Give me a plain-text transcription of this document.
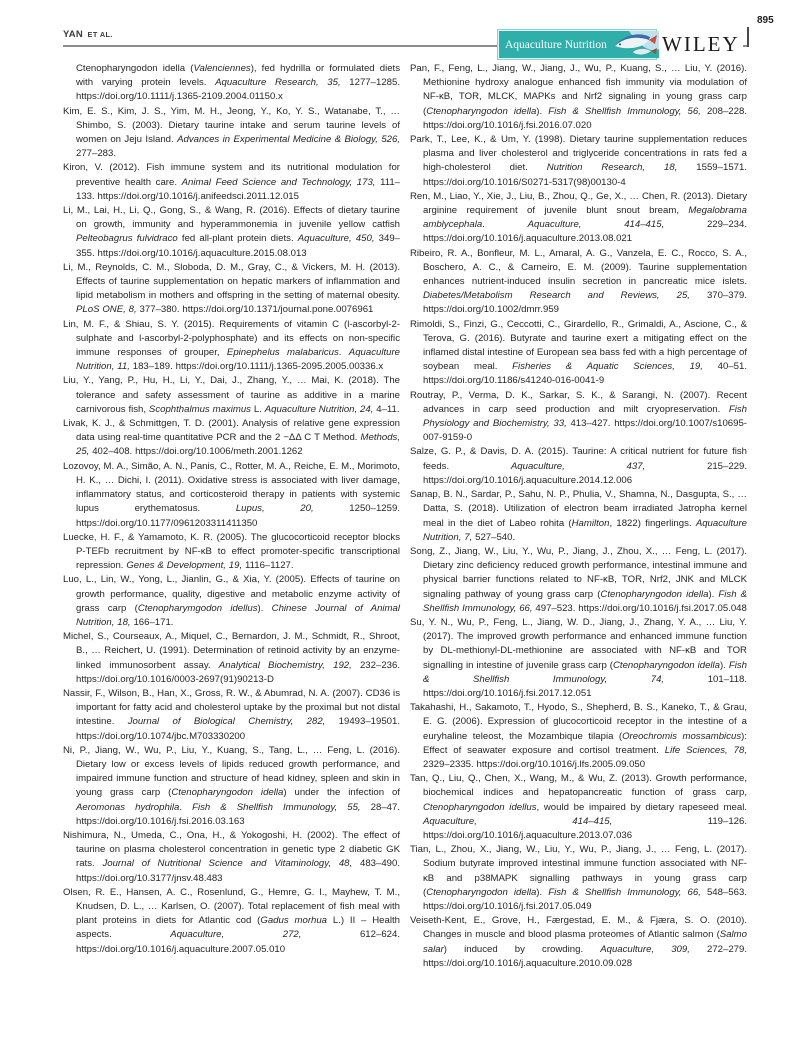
YAN ET AL.
Aquaculture Nutrition	WILEY
895

Ctenopharyngodon idella (Valenciennes), fed hydrilla or formulated diets with varying protein levels. Aquaculture Research, 35, 1277–1285. https://doi.org/10.1111/j.1365-2109.2004.01150.x

Kim, E. S., Kim, J. S., Yim, M. H., Jeong, Y., Ko, Y. S., Watanabe, T., … Shimbo, S. (2003). Dietary taurine intake and serum taurine levels of women on Jeju Island. Advances in Experimental Medicine & Biology, 526, 277–283.

Kiron, V. (2012). Fish immune system and its nutritional modulation for preventive health care. Animal Feed Science and Technology, 173, 111–133. https://doi.org/10.1016/j.anifeedsci.2011.12.015

Li, M., Lai, H., Li, Q., Gong, S., & Wang, R. (2016). Effects of dietary taurine on growth, immunity and hyperammonemia in juvenile yellow catfish Pelteobagrus fulvidraco fed all-plant protein diets. Aquaculture, 450, 349–355. https://doi.org/10.1016/j.aquaculture.2015.08.013

Li, M., Reynolds, C. M., Sloboda, D. M., Gray, C., & Vickers, M. H. (2013). Effects of taurine supplementation on hepatic markers of inflammation and lipid metabolism in mothers and offspring in the setting of maternal obesity. PLoS ONE, 8, 377–380. https://doi.org/10.1371/journal.pone.0076961

Lin, M. F., & Shiau, S. Y. (2015). Requirements of vitamin C (l-ascorbyl-2-sulphate and l-ascorbyl-2-polyphosphate) and its effects on non-specific immune responses of grouper, Epinephelus malabaricus. Aquaculture Nutrition, 11, 183–189. https://doi.org/10.1111/j.1365-2095.2005.00336.x

Liu, Y., Yang, P., Hu, H., Li, Y., Dai, J., Zhang, Y., … Mai, K. (2018). The tolerance and safety assessment of taurine as additive in a marine carnivorous fish, Scophthalmus maximus L. Aquaculture Nutrition, 24, 4–11.

Livak, K. J., & Schmittgen, T. D. (2001). Analysis of relative gene expression data using real-time quantitative PCR and the 2 −ΔΔ C T Method. Methods, 25, 402–408. https://doi.org/10.1006/meth.2001.1262

Lozovoy, M. A., Simão, A. N., Panis, C., Rotter, M. A., Reiche, E. M., Morimoto, H. K., … Dichi, I. (2011). Oxidative stress is associated with liver damage, inflammatory status, and corticosteroid therapy in patients with systemic lupus erythematosus. Lupus, 20, 1250–1259. https://doi.org/10.1177/0961203311411350

Luecke, H. F., & Yamamoto, K. R. (2005). The glucocorticoid receptor blocks P-TEFb recruitment by NF-κB to effect promoter-specific transcriptional repression. Genes & Development, 19, 1116–1127.

Luo, L., Lin, W., Yong, L., Jianlin, G., & Xia, Y. (2005). Effects of taurine on growth performance, quality, digestive and metabolic enzyme activity of grass carp (Ctenopharymgodon idellus). Chinese Journal of Animal Nutrition, 18, 166–171.

Michel, S., Courseaux, A., Miquel, C., Bernardon, J. M., Schmidt, R., Shroot, B., … Reichert, U. (1991). Determination of retinoid activity by an enzyme-linked immunosorbent assay. Analytical Biochemistry, 192, 232–236. https://doi.org/10.1016/0003-2697(91)90213-D

Nassir, F., Wilson, B., Han, X., Gross, R. W., & Abumrad, N. A. (2007). CD36 is important for fatty acid and cholesterol uptake by the proximal but not distal intestine. Journal of Biological Chemistry, 282, 19493–19501. https://doi.org/10.1074/jbc.M703330200

Ni, P., Jiang, W., Wu, P., Liu, Y., Kuang, S., Tang, L., … Feng, L. (2016). Dietary low or excess levels of lipids reduced growth performance, and impaired immune function and structure of head kidney, spleen and skin in young grass carp (Ctenopharyngodon idella) under the infection of Aeromonas hydrophila. Fish & Shellfish Immunology, 55, 28–47. https://doi.org/10.1016/j.fsi.2016.03.163

Nishimura, N., Umeda, C., Ona, H., & Yokogoshi, H. (2002). The effect of taurine on plasma cholesterol concentration in genetic type 2 diabetic GK rats. Journal of Nutritional Science and Vitaminology, 48, 483–490. https://doi.org/10.3177/jnsv.48.483

Olsen, R. E., Hansen, A. C., Rosenlund, G., Hemre, G. I., Mayhew, T. M., Knudsen, D. L., … Karlsen, O. (2007). Total replacement of fish meal with plant proteins in diets for Atlantic cod (Gadus morhua L.) II – Health aspects. Aquaculture, 272, 612–624. https://doi.org/10.1016/j.aquaculture.2007.05.010

Pan, F., Feng, L., Jiang, W., Jiang, J., Wu, P., Kuang, S., … Liu, Y. (2016). Methionine hydroxy analogue enhanced fish immunity via modulation of NF-κB, TOR, MLCK, MAPKs and Nrf2 signaling in young grass carp (Ctenopharyngodon idella). Fish & Shellfish Immunology, 56, 208–228. https://doi.org/10.1016/j.fsi.2016.07.020

Park, T., Lee, K., & Um, Y. (1998). Dietary taurine supplementation reduces plasma and liver cholesterol and triglyceride concentrations in rats fed a high-cholesterol diet. Nutrition Research, 18, 1559–1571. https://doi.org/10.1016/S0271-5317(98)00130-4

Ren, M., Liao, Y., Xie, J., Liu, B., Zhou, Q., Ge, X., … Chen, R. (2013). Dietary arginine requirement of juvenile blunt snout bream, Megalobrama amblycephala. Aquaculture, 414–415, 229–234. https://doi.org/10.1016/j.aquaculture.2013.08.021

Ribeiro, R. A., Bonfleur, M. L., Amaral, A. G., Vanzela, E. C., Rocco, S. A., Boschero, A. C., & Carneiro, E. M. (2009). Taurine supplementation enhances nutrient-induced insulin secretion in pancreatic mice islets. Diabetes/Metabolism Research and Reviews, 25, 370–379. https://doi.org/10.1002/dmrr.959

Rimoldi, S., Finzi, G., Ceccotti, C., Girardello, R., Grimaldi, A., Ascione, C., & Terova, G. (2016). Butyrate and taurine exert a mitigating effect on the inflamed distal intestine of European sea bass fed with a high percentage of soybean meal. Fisheries & Aquatic Sciences, 19, 40–51. https://doi.org/10.1186/s41240-016-0041-9

Routray, P., Verma, D. K., Sarkar, S. K., & Sarangi, N. (2007). Recent advances in carp seed production and milt cryopreservation. Fish Physiology and Biochemistry, 33, 413–427. https://doi.org/10.1007/s10695-007-9159-0

Salze, G. P., & Davis, D. A. (2015). Taurine: A critical nutrient for future fish feeds. Aquaculture, 437, 215–229. https://doi.org/10.1016/j.aquaculture.2014.12.006

Sanap, B. N., Sardar, P., Sahu, N. P., Phulia, V., Shamna, N., Dasgupta, S., … Datta, S. (2018). Utilization of electron beam irradiated Jatropha kernel meal in the diet of Labeo rohita (Hamilton, 1822) fingerlings. Aquaculture Nutrition, 7, 527–540.

Song, Z., Jiang, W., Liu, Y., Wu, P., Jiang, J., Zhou, X., … Feng, L. (2017). Dietary zinc deficiency reduced growth performance, intestinal immune and physical barrier functions related to NF-κB, TOR, Nrf2, JNK and MLCK signaling pathway of young grass carp (Ctenopharyngodon idella). Fish & Shellfish Immunology, 66, 497–523. https://doi.org/10.1016/j.fsi.2017.05.048

Su, Y. N., Wu, P., Feng, L., Jiang, W. D., Jiang, J., Zhang, Y. A., … Liu, Y. (2017). The improved growth performance and enhanced immune function by DL-methionyl-DL-methionine are associated with NF-κB and TOR signalling in intestine of juvenile grass carp (Ctenopharyngodon idella). Fish & Shellfish Immunology, 74, 101–118. https://doi.org/10.1016/j.fsi.2017.12.051

Takahashi, H., Sakamoto, T., Hyodo, S., Shepherd, B. S., Kaneko, T., & Grau, E. G. (2006). Expression of glucocorticoid receptor in the intestine of a euryhaline teleost, the Mozambique tilapia (Oreochromis mossambicus): Effect of seawater exposure and cortisol treatment. Life Sciences, 78, 2329–2335. https://doi.org/10.1016/j.lfs.2005.09.050

Tan, Q., Liu, Q., Chen, X., Wang, M., & Wu, Z. (2013). Growth performance, biochemical indices and hepatopancreatic function of grass carp, Ctenopharyngodon idellus, would be impaired by dietary rapeseed meal. Aquaculture, 414–415, 119–126. https://doi.org/10.1016/j.aquaculture.2013.07.036

Tian, L., Zhou, X., Jiang, W., Liu, Y., Wu, P., Jiang, J., … Feng, L. (2017). Sodium butyrate improved intestinal immune function associated with NF-κB and p38MAPK signalling pathways in young grass carp (Ctenopharyngodon idella). Fish & Shellfish Immunology, 66, 548–563. https://doi.org/10.1016/j.fsi.2017.05.049

Veiseth-Kent, E., Grove, H., Færgestad, E. M., & Fjæra, S. O. (2010). Changes in muscle and blood plasma proteomes of Atlantic salmon (Salmo salar) induced by crowding. Aquaculture, 309, 272–279. https://doi.org/10.1016/j.aquaculture.2010.09.028
